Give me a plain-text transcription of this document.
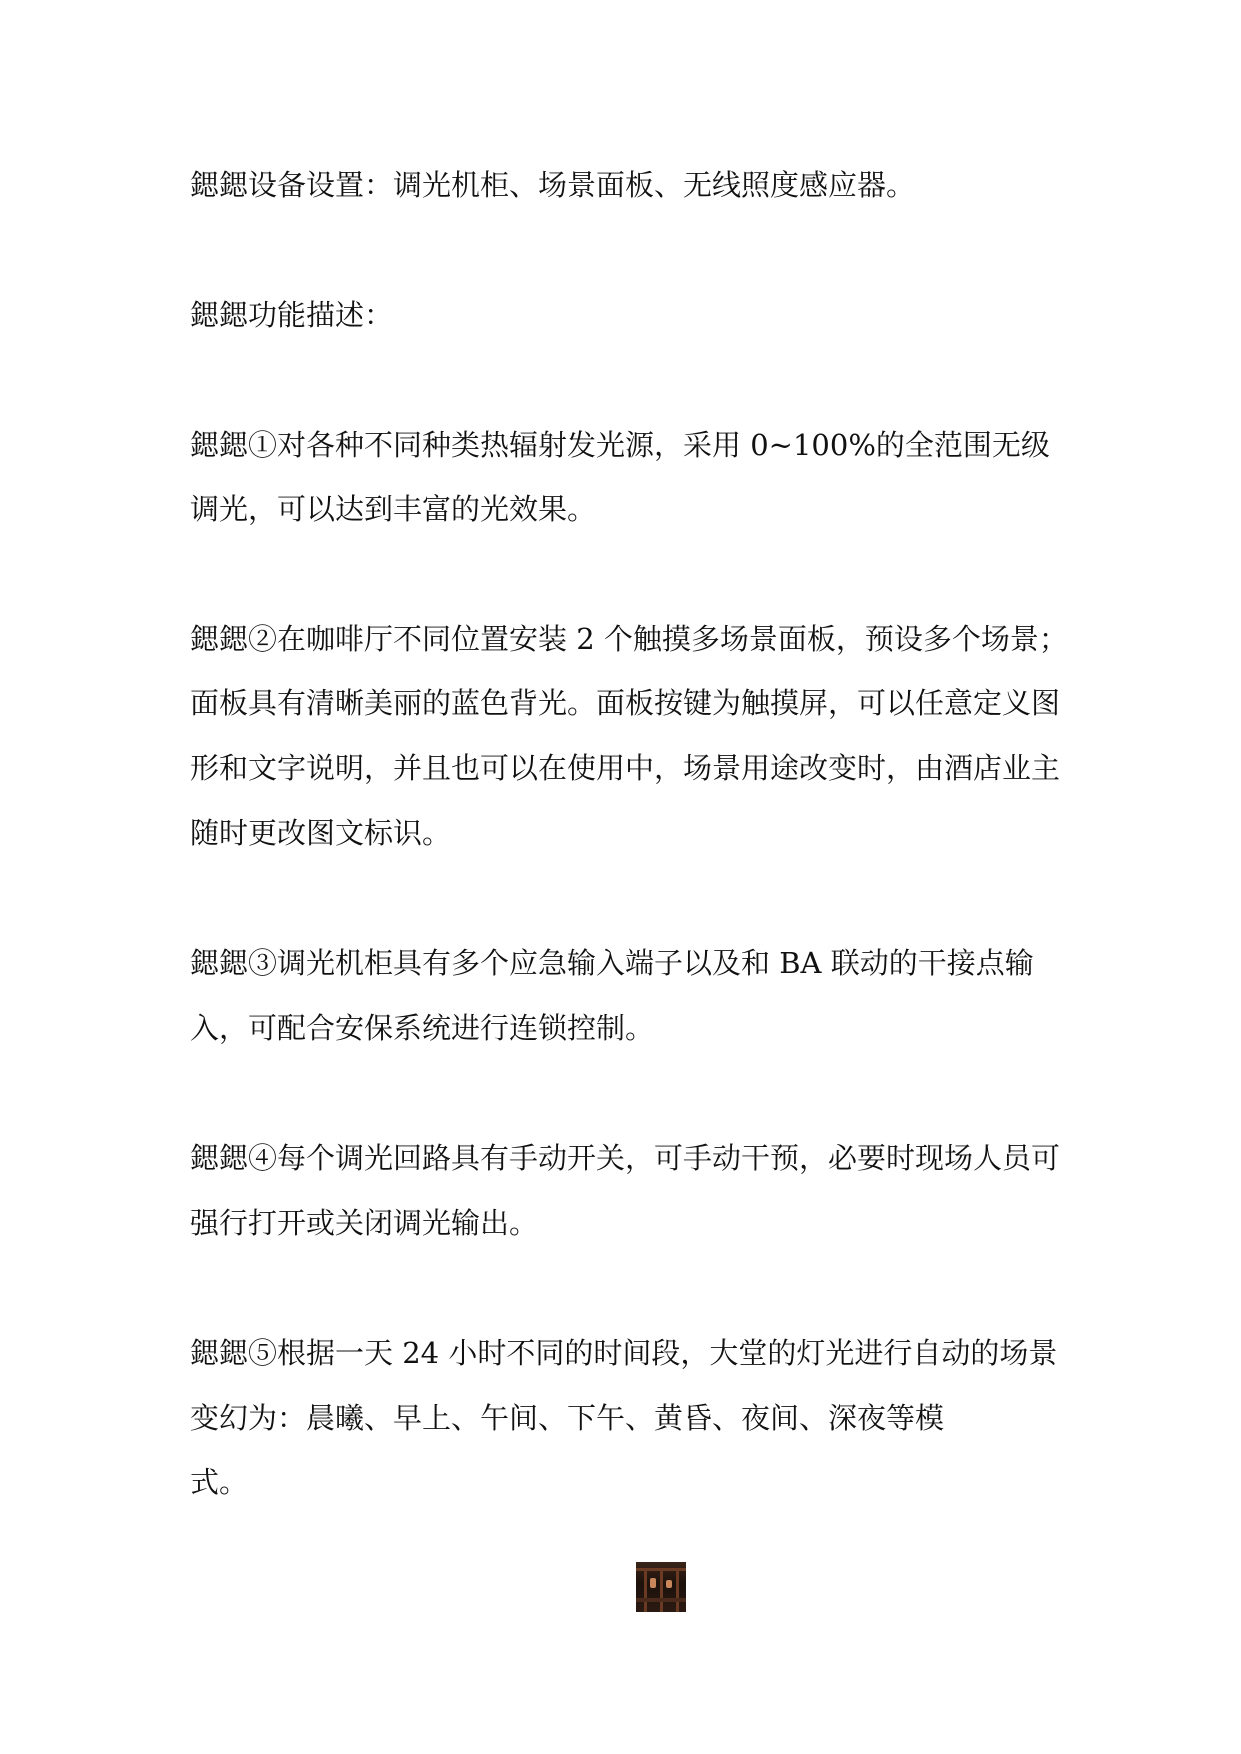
鍶鍶设备设置：调光机柜、场景面板、无线照度感应器。
鍶鍶功能描述：
鍶鍶①对各种不同种类热辐射发光源，采用 0~100%的全范围无级
调光，可以达到丰富的光效果。
鍶鍶②在咖啡厅不同位置安装 2 个触摸多场景面板，预设多个场景；
面板具有清晰美丽的蓝色背光。面板按键为触摸屏，可以任意定义图
形和文字说明，并且也可以在使用中，场景用途改变时，由酒店业主
随时更改图文标识。
鍶鍶③调光机柜具有多个应急输入端子以及和 BA 联动的干接点输
入，可配合安保系统进行连锁控制。
鍶鍶④每个调光回路具有手动开关，可手动干预，必要时现场人员可
强行打开或关闭调光输出。
鍶鍶⑤根据一天 24 小时不同的时间段，大堂的灯光进行自动的场景
变幻为：晨曦、早上、午间、下午、黄昏、夜间、深夜等模
式。
